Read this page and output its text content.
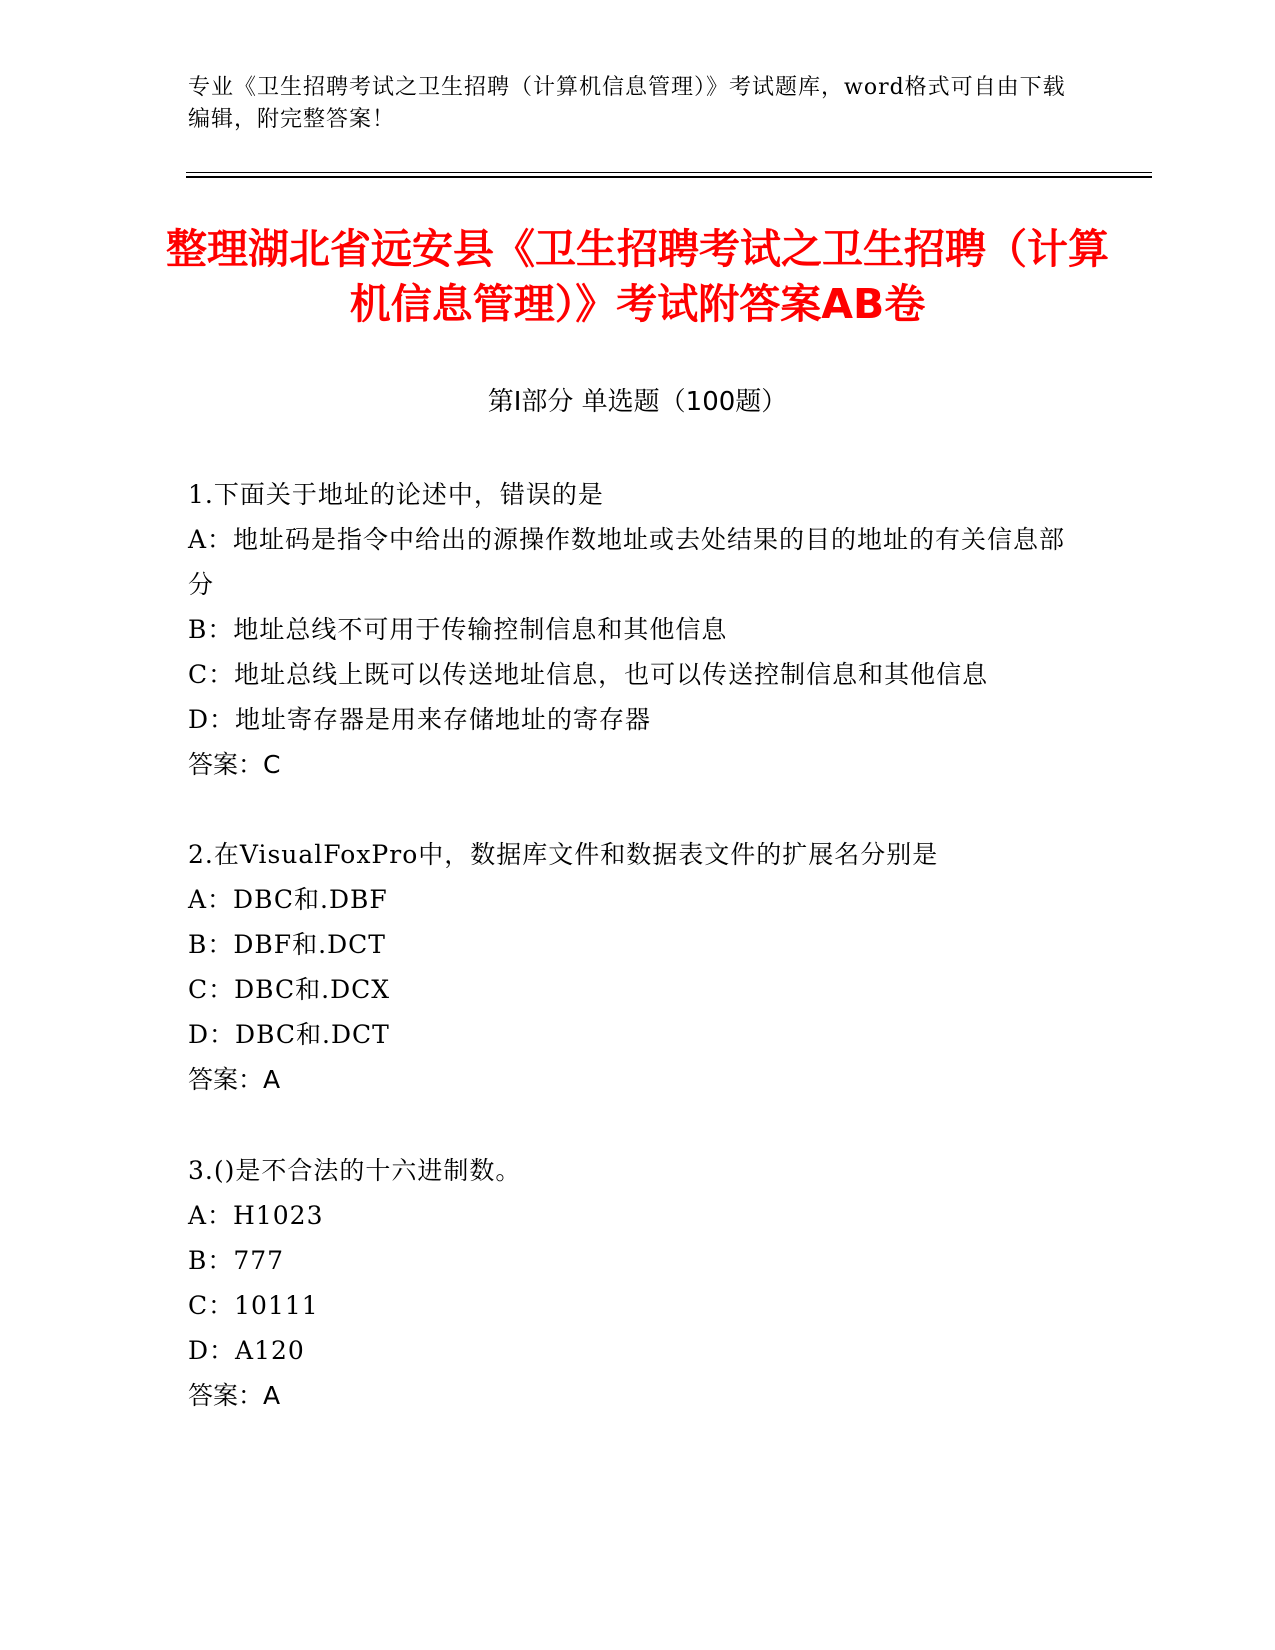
专业《卫生招聘考试之卫生招聘（计算机信息管理）》考试题库，word格式可自由下载编辑，附完整答案！
整理湖北省远安县《卫生招聘考试之卫生招聘（计算机信息管理）》考试附答案AB卷
第Ⅰ部分 单选题（100题）
1.下面关于地址的论述中，错误的是
A：地址码是指令中给出的源操作数地址或去处结果的目的地址的有关信息部分
B：地址总线不可用于传输控制信息和其他信息
C：地址总线上既可以传送地址信息，也可以传送控制信息和其他信息
D：地址寄存器是用来存储地址的寄存器
答案：C
2.在VisualFoxPro中，数据库文件和数据表文件的扩展名分别是
A：DBC和.DBF
B：DBF和.DCT
C：DBC和.DCX
D：DBC和.DCT
答案：A
3.()是不合法的十六进制数。
A：H1023
B：777
C：10111
D：A120
答案：A
